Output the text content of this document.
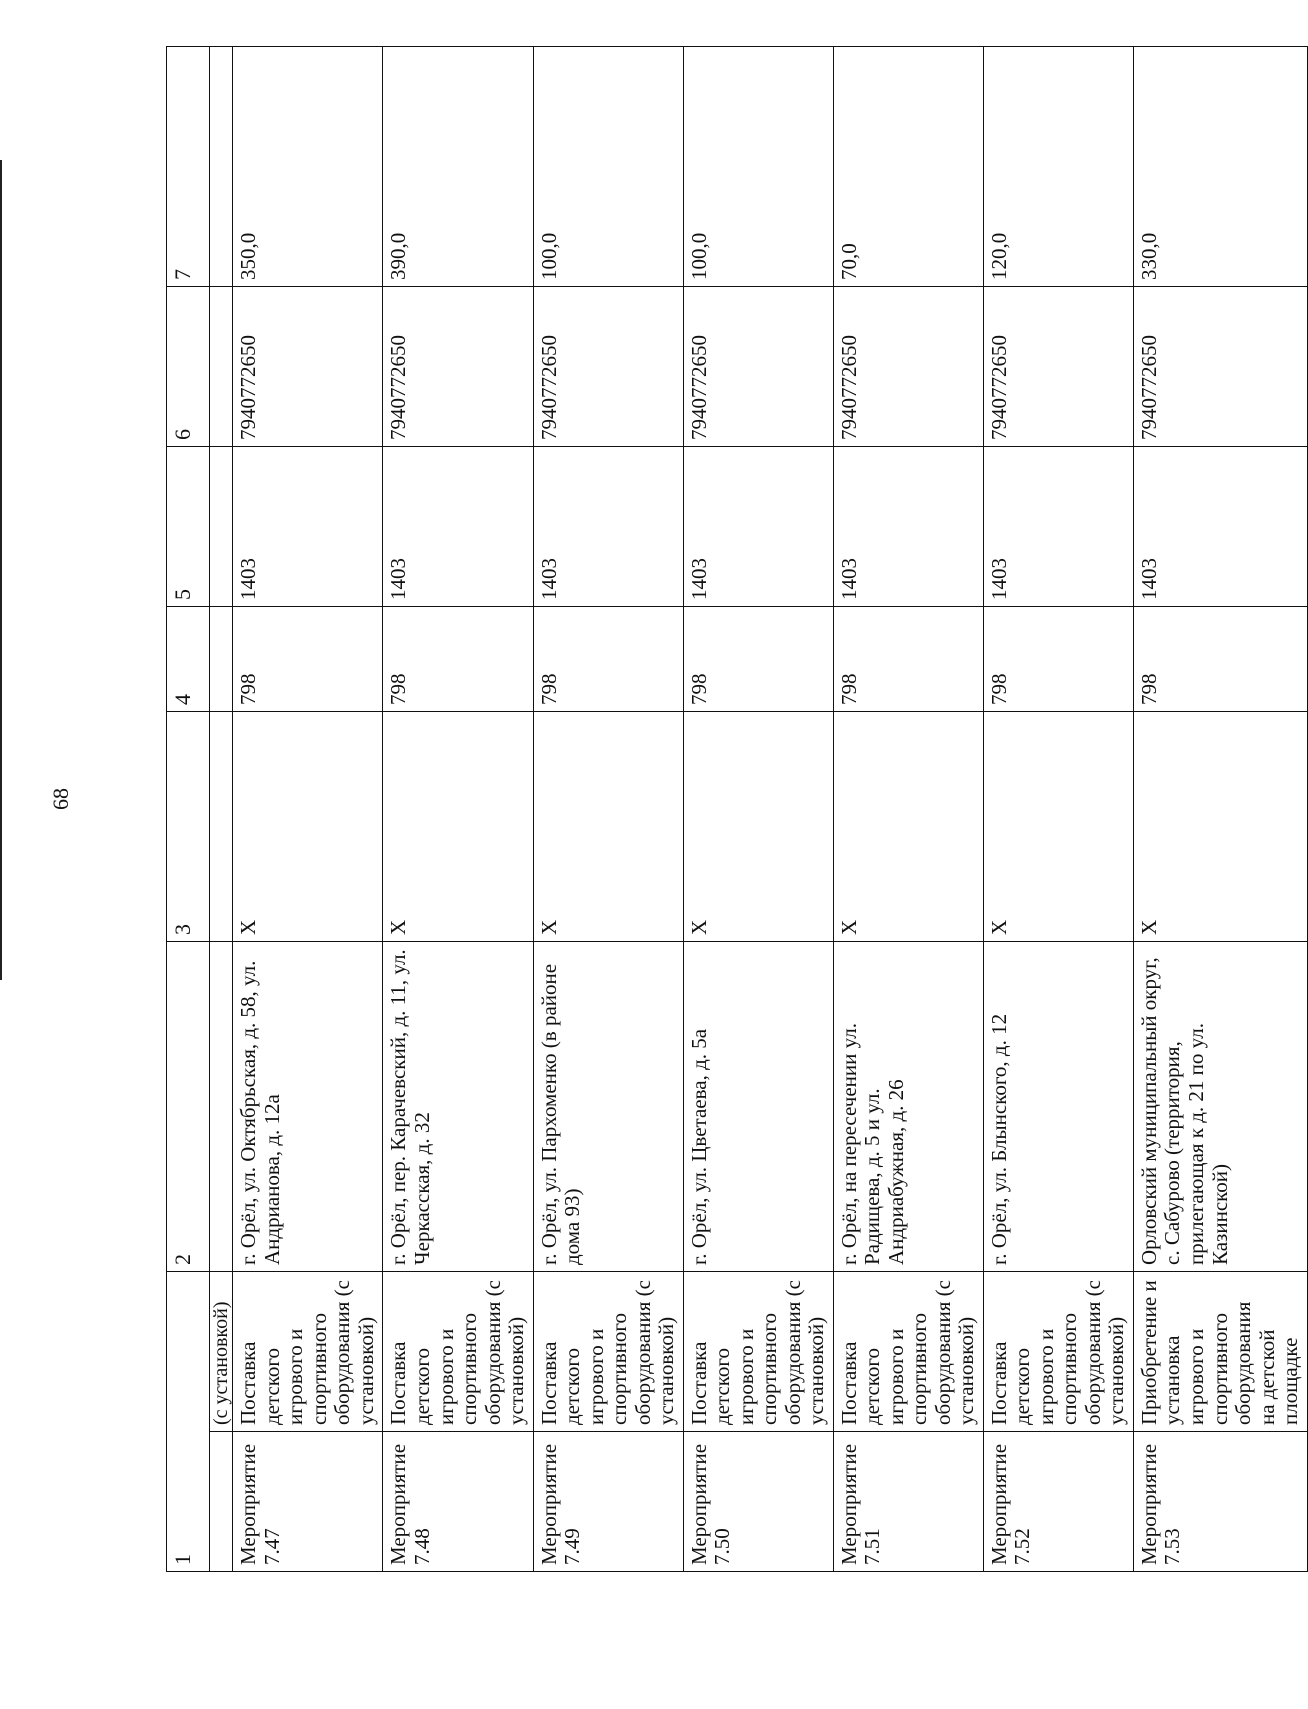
68
1		2	3	4	5	6	7
	(с установкой)						
Мероприятие 7.47	Поставка детского игрового и спортивного оборудования (с установкой)	г. Орёл, ул. Октябрьская, д. 58, ул. Андрианова, д. 12а	X	798	1403	7940772650	350,0
Мероприятие 7.48	Поставка детского игрового и спортивного оборудования (с установкой)	г. Орёл, пер. Карачевский, д. 11, ул. Черкасская, д. 32	X	798	1403	7940772650	390,0
Мероприятие 7.49	Поставка детского игрового и спортивного оборудования (с установкой)	г. Орёл, ул. Пархоменко (в районе дома 93)	X	798	1403	7940772650	100,0
Мероприятие 7.50	Поставка детского игрового и спортивного оборудования (с установкой)	г. Орёл, ул. Цветаева, д. 5а	X	798	1403	7940772650	100,0
Мероприятие 7.51	Поставка детского игрового и спортивного оборудования (с установкой)	г. Орёл, на пересечении ул. Радищева, д. 5 и ул. Андриабужная, д. 26	X	798	1403	7940772650	70,0
Мероприятие 7.52	Поставка детского игрового и спортивного оборудования (с установкой)	г. Орёл, ул. Блынского, д. 12	X	798	1403	7940772650	120,0
Мероприятие 7.53	Приобретение и установка игрового и спортивного оборудования на детской площадке	Орловский муниципальный округ, с. Сабурово (территория, прилегающая к д. 21 по ул. Казинской)	X	798	1403	7940772650	330,0
